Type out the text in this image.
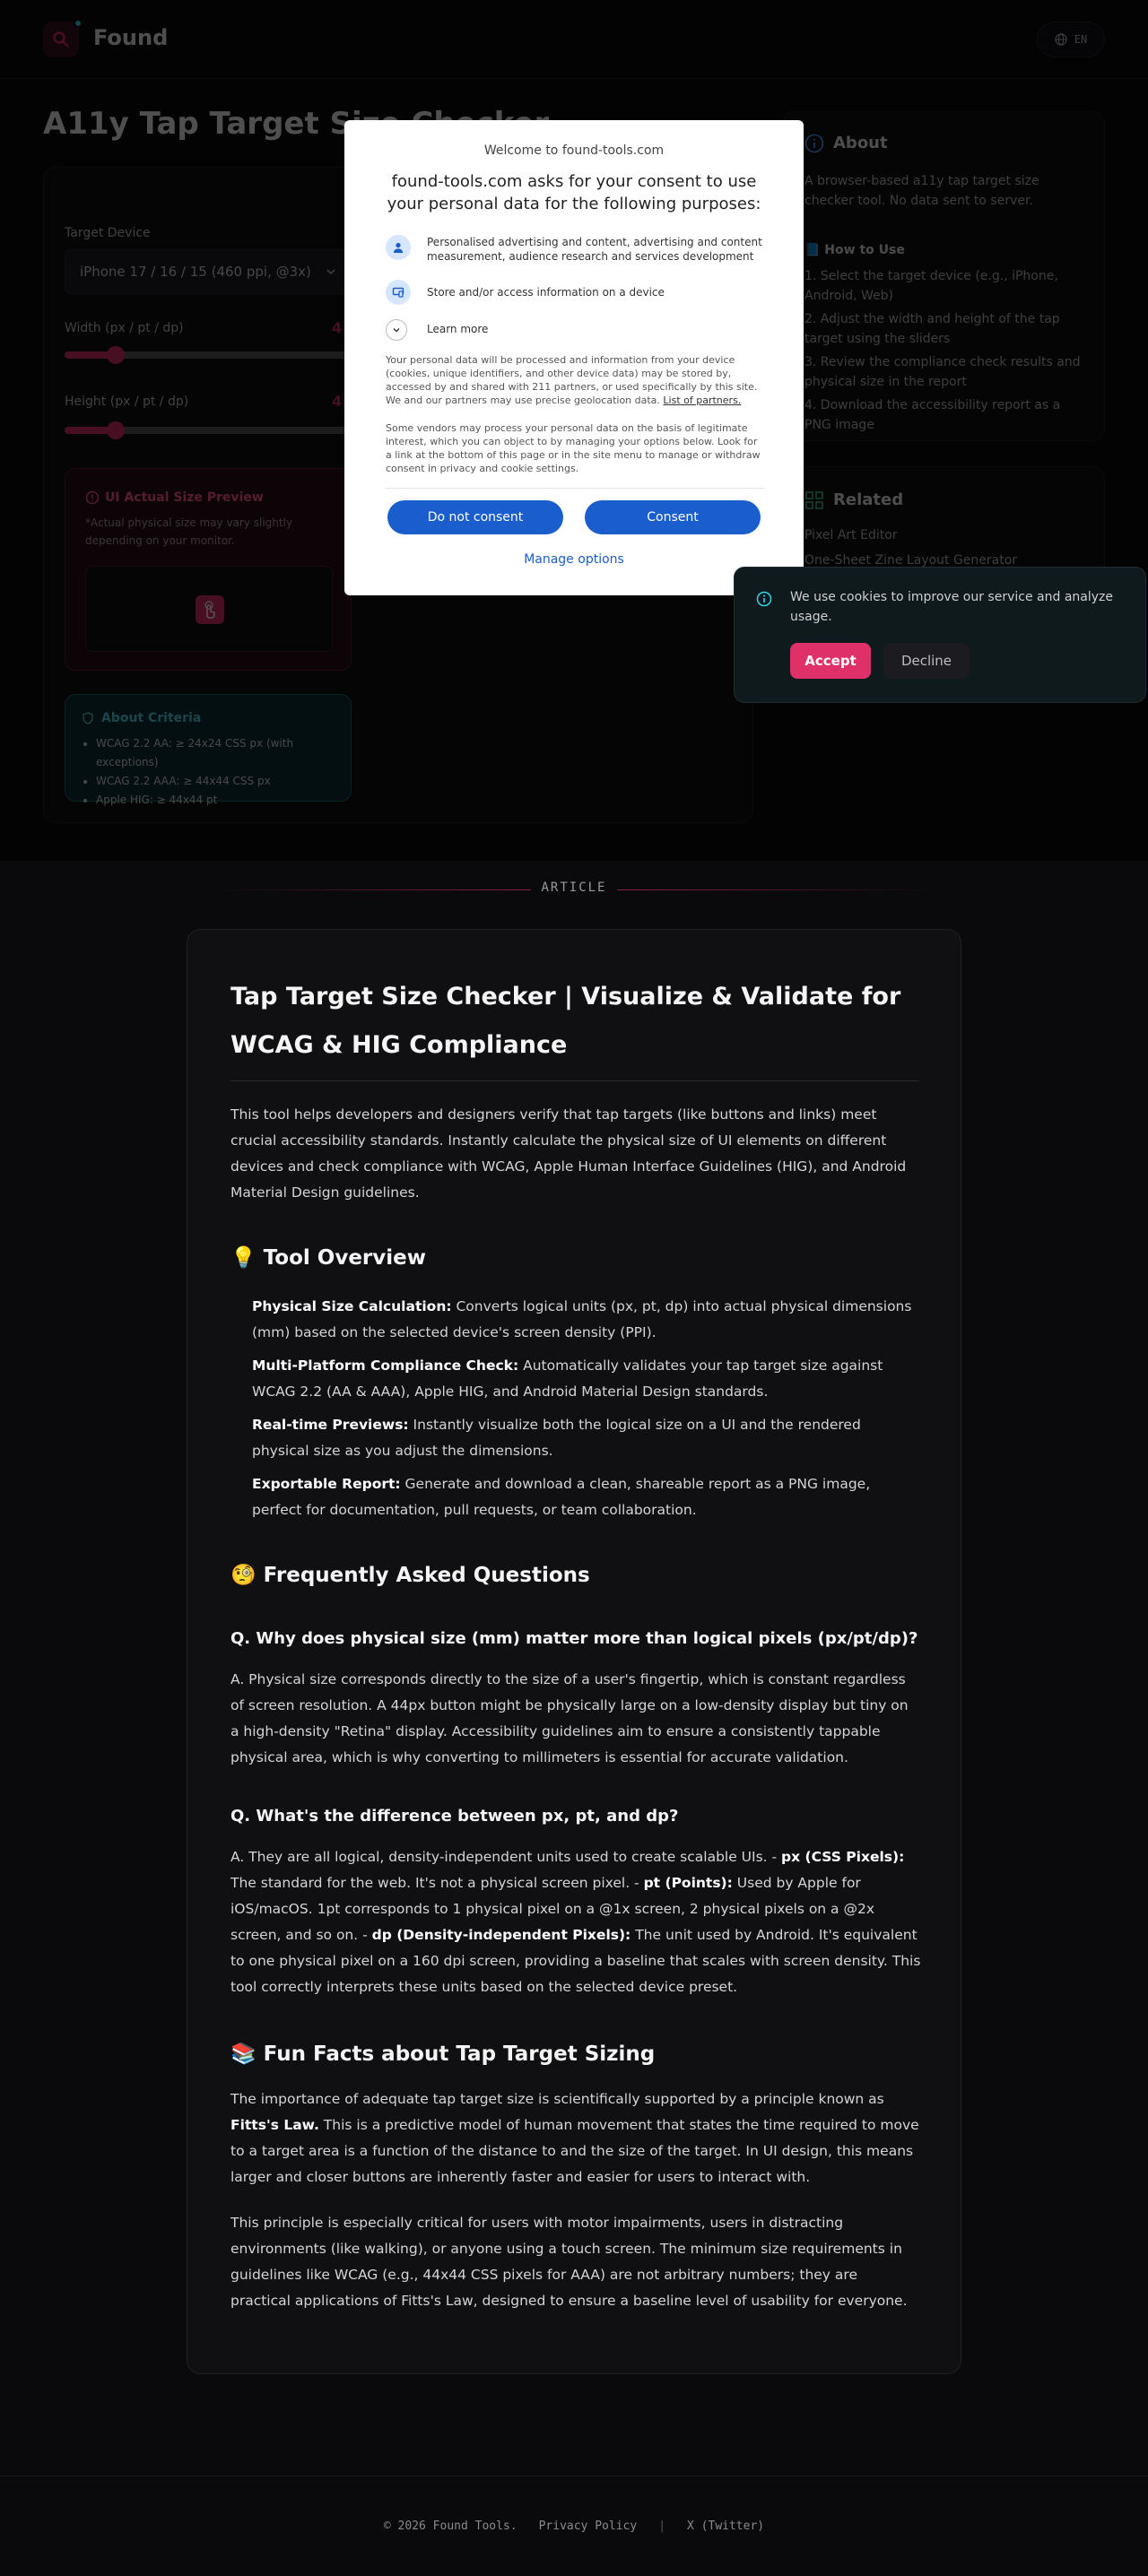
•
•
•
Welcome to found-tools.com
found-tools.com asks for your consent to use your personal data for the following purposes:
Personalised advertising and content, advertising and content measurement, audience research and services development
Store and/or access information on a device
Learn more
Your personal data will be processed and information from your device (cookies, unique identifiers, and other device data) may be stored by, accessed by and shared with 211 partners, or used specifically by this site. We and our partners may use precise geolocation data. List of partners.
Some vendors may process your personal data on the basis of legitimate interest, which you can object to by managing your options below. Look for a link at the bottom of this page or in the site menu to manage or withdraw consent in privacy and cookie settings.
Do not consent	Consent
Manage options
We use cookies to improve our service and analyze usage.
Accept	Decline
ARTICLE
Tap Target Size Checker | Visualize & Validate for WCAG & HIG Compliance
This tool helps developers and designers verify that tap targets (like buttons and links) meet crucial accessibility standards. Instantly calculate the physical size of UI elements on different devices and check compliance with WCAG, Apple Human Interface Guidelines (HIG), and Android Material Design guidelines.
💡 Tool Overview
Physical Size Calculation: Converts logical units (px, pt, dp) into actual physical dimensions (mm) based on the selected device's screen density (PPI).
Multi-Platform Compliance Check: Automatically validates your tap target size against WCAG 2.2 (AA & AAA), Apple HIG, and Android Material Design standards.
Real-time Previews: Instantly visualize both the logical size on a UI and the rendered physical size as you adjust the dimensions.
Exportable Report: Generate and download a clean, shareable report as a PNG image, perfect for documentation, pull requests, or team collaboration.
🧐 Frequently Asked Questions
Q. Why does physical size (mm) matter more than logical pixels (px/pt/dp)?
A. Physical size corresponds directly to the size of a user's fingertip, which is constant regardless of screen resolution. A 44px button might be physically large on a low-density display but tiny on a high-density "Retina" display. Accessibility guidelines aim to ensure a consistently tappable physical area, which is why converting to millimeters is essential for accurate validation.
Q. What's the difference between px, pt, and dp?
A. They are all logical, density-independent units used to create scalable UIs. - px (CSS Pixels): The standard for the web. It's not a physical screen pixel. - pt (Points): Used by Apple for iOS/macOS. 1pt corresponds to 1 physical pixel on a @1x screen, 2 physical pixels on a @2x screen, and so on. - dp (Density-independent Pixels): The unit used by Android. It's equivalent to one physical pixel on a 160 dpi screen, providing a baseline that scales with screen density. This tool correctly interprets these units based on the selected device preset.
📚 Fun Facts about Tap Target Sizing
The importance of adequate tap target size is scientifically supported by a principle known as Fitts's Law. This is a predictive model of human movement that states the time required to move to a target area is a function of the distance to and the size of the target. In UI design, this means larger and closer buttons are inherently faster and easier for users to interact with.
This principle is especially critical for users with motor impairments, users in distracting environments (like walking), or anyone using a touch screen. The minimum size requirements in guidelines like WCAG (e.g., 44x44 CSS pixels for AAA) are not arbitrary numbers; they are practical applications of Fitts's Law, designed to ensure a baseline level of usability for everyone.
© 2026 Found Tools. Privacy Policy | X (Twitter)
